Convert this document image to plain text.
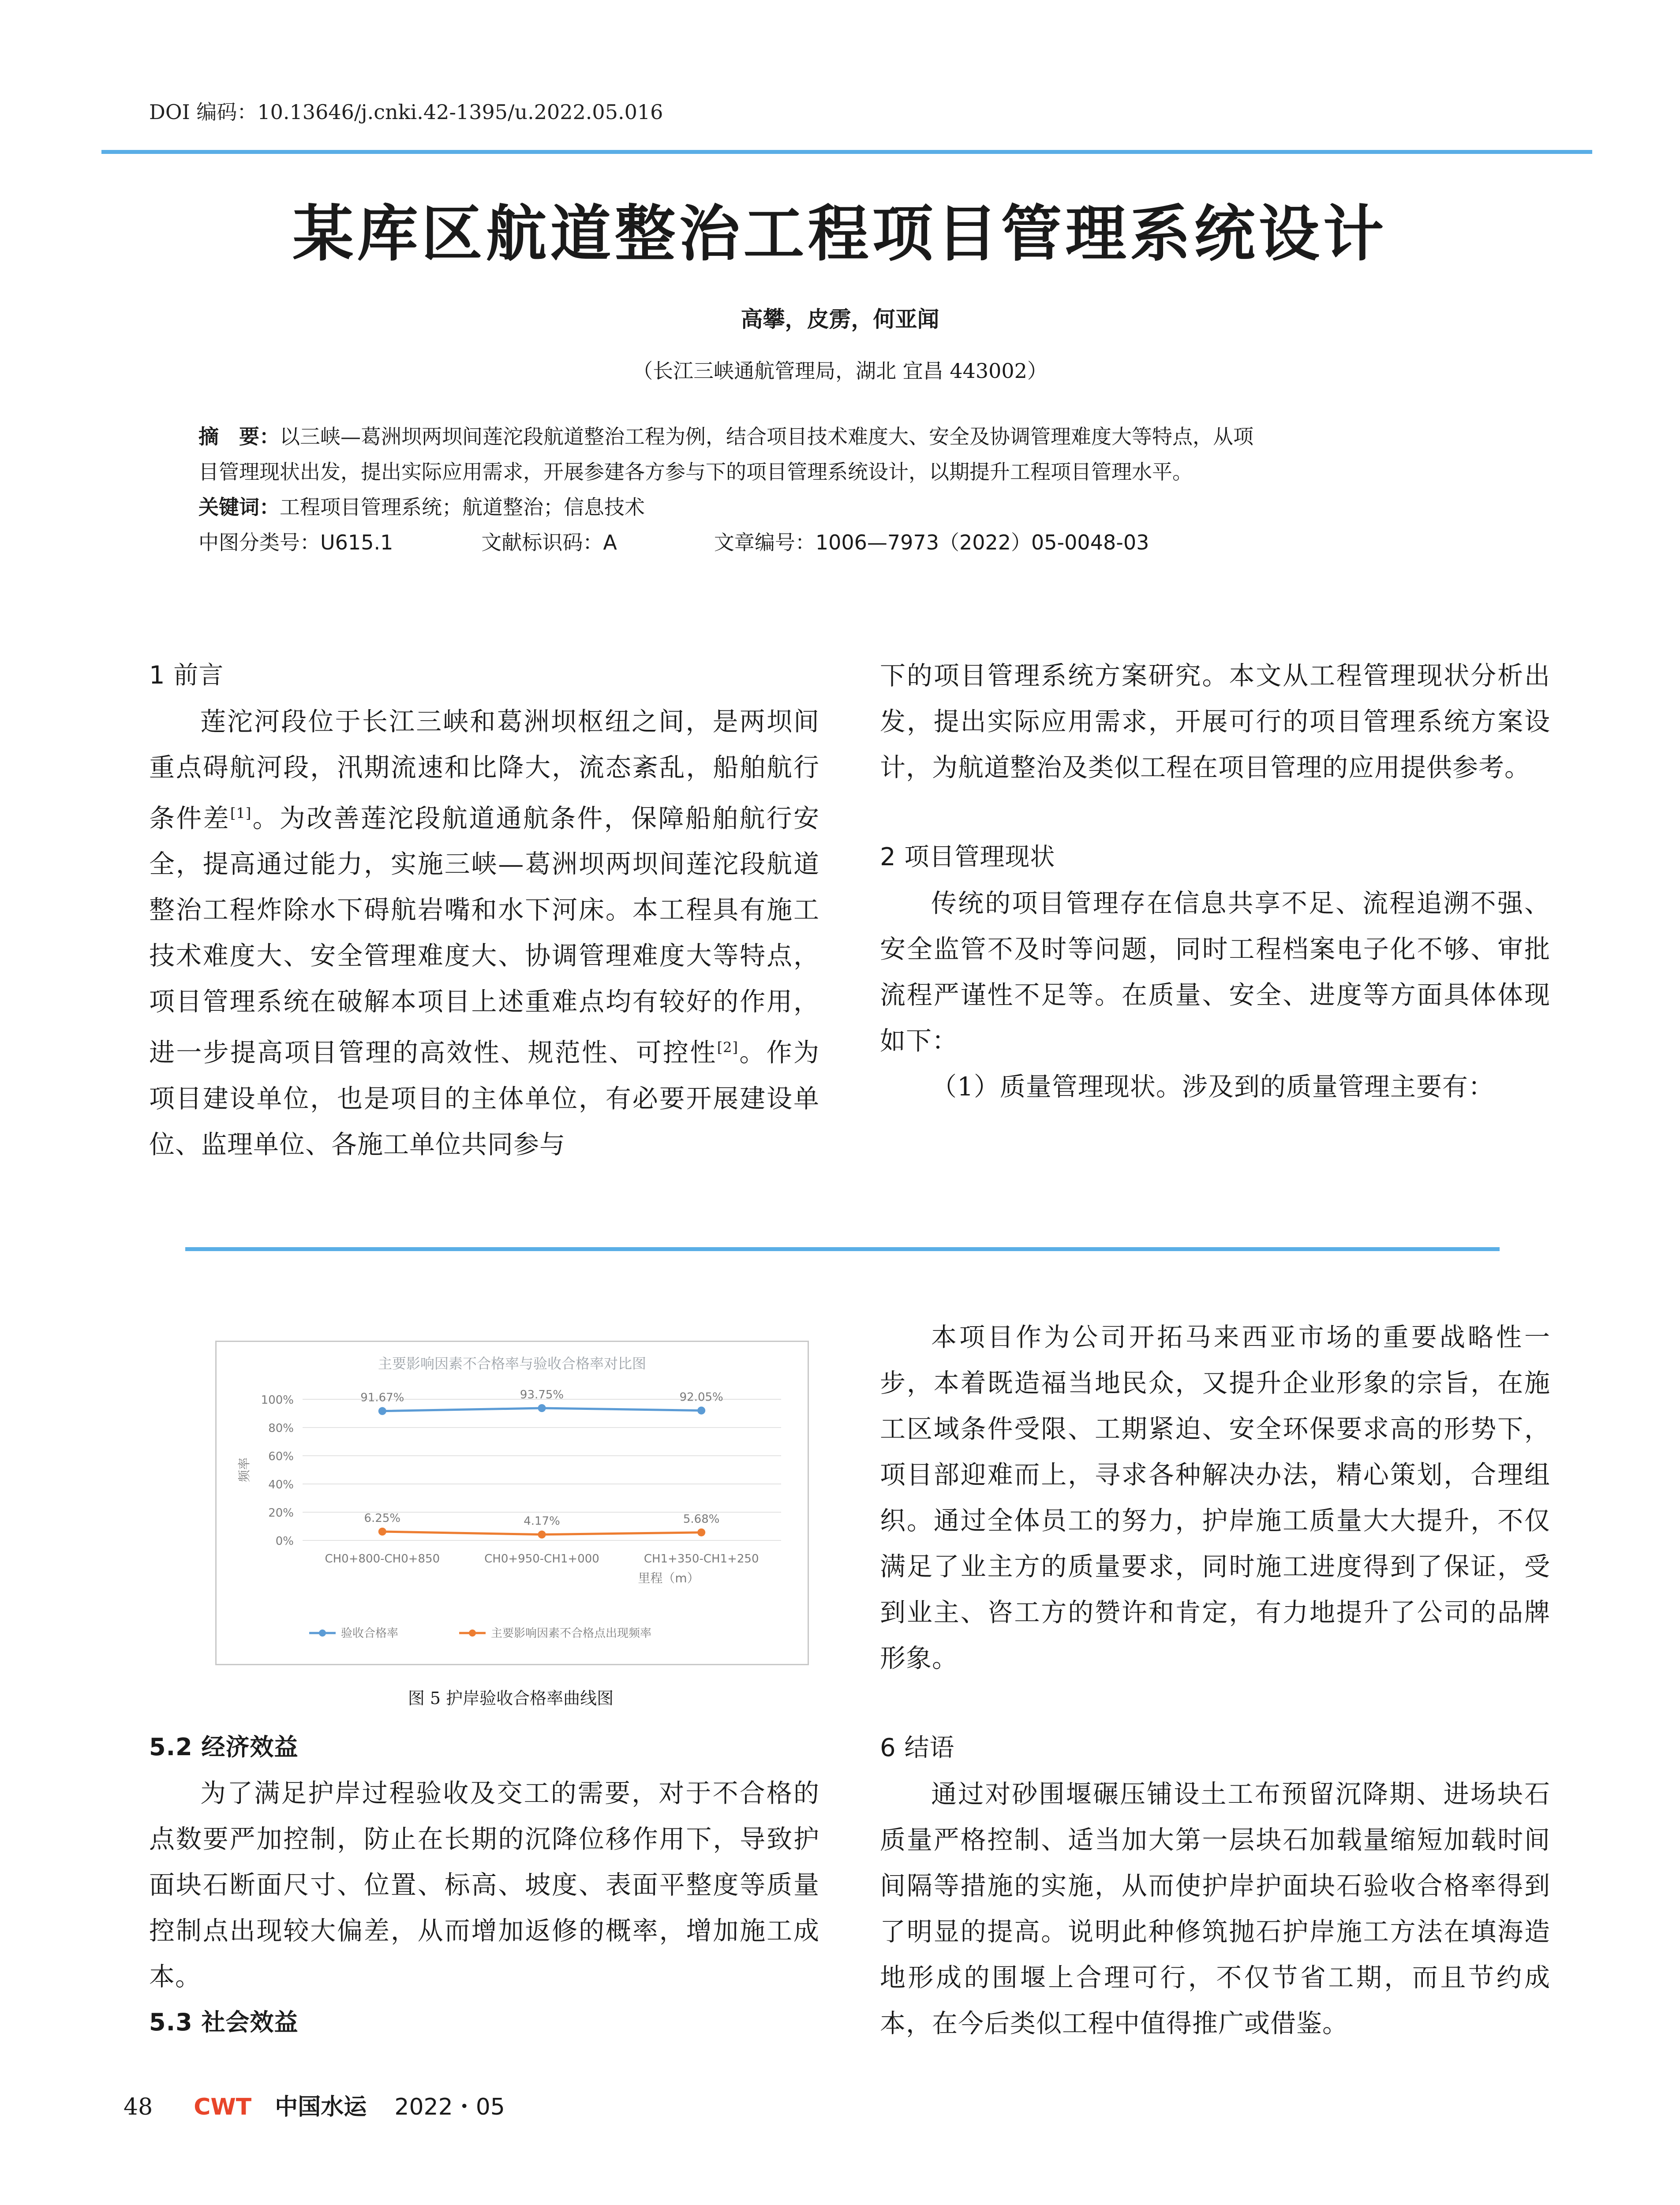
DOI 编码：10.13646/j.cnki.42-1395/u.2022.05.016
某库区航道整治工程项目管理系统设计
高攀，皮雳，何亚闻
（长江三峡通航管理局，湖北 宜昌 443002）
摘　要：以三峡—葛洲坝两坝间莲沱段航道整治工程为例，结合项目技术难度大、安全及协调管理难度大等特点，从项
目管理现状出发，提出实际应用需求，开展参建各方参与下的项目管理系统设计，以期提升工程项目管理水平。
关键词：工程项目管理系统；航道整治；信息技术
中图分类号：U615.1	文献标识码：A	文章编号：1006—7973（2022）05-0048-03
1 前言

莲沱河段位于长江三峡和葛洲坝枢纽之间，是两坝间重点碍航河段，汛期流速和比降大，流态紊乱，船舶航行条件差[1]。为改善莲沱段航道通航条件，保障船舶航行安全，提高通过能力，实施三峡—葛洲坝两坝间莲沱段航道整治工程炸除水下碍航岩嘴和水下河床。本工程具有施工技术难度大、安全管理难度大、协调管理难度大等特点，项目管理系统在破解本项目上述重难点均有较好的作用，进一步提高项目管理的高效性、规范性、可控性[2]。作为项目建设单位，也是项目的主体单位，有必要开展建设单位、监理单位、各施工单位共同参与

下的项目管理系统方案研究。本文从工程管理现状分析出发，提出实际应用需求，开展可行的项目管理系统方案设计，为航道整治及类似工程在项目管理的应用提供参考。

2 项目管理现状

传统的项目管理存在信息共享不足、流程追溯不强、安全监管不及时等问题，同时工程档案电子化不够、审批流程严谨性不足等。在质量、安全、进度等方面具体体现如下：

（1）质量管理现状。涉及到的质量管理主要有：

主要影响因素不合格率与验收合格率对比图
0%
20%
40%
60%
80%
100%
频率
CH0+800-CH0+850	CH0+950-CH1+000	CH1+350-CH1+250
里程（m）
91.67%	93.75%	92.05%
6.25%	4.17%	5.68%
验收合格率	主要影响因素不合格点出现频率
图 5 护岸验收合格率曲线图
5.2 经济效益

为了满足护岸过程验收及交工的需要，对于不合格的点数要严加控制，防止在长期的沉降位移作用下，导致护面块石断面尺寸、位置、标高、坡度、表面平整度等质量控制点出现较大偏差，从而增加返修的概率，增加施工成本。

5.3 社会效益

本项目作为公司开拓马来西亚市场的重要战略性一步，本着既造福当地民众，又提升企业形象的宗旨，在施工区域条件受限、工期紧迫、安全环保要求高的形势下，项目部迎难而上，寻求各种解决办法，精心策划，合理组织。通过全体员工的努力，护岸施工质量大大提升，不仅满足了业主方的质量要求，同时施工进度得到了保证，受到业主、咨工方的赞许和肯定，有力地提升了公司的品牌形象。

6 结语

通过对砂围堰碾压铺设土工布预留沉降期、进场块石质量严格控制、适当加大第一层块石加载量缩短加载时间间隔等措施的实施，从而使护岸护面块石验收合格率得到了明显的提高。说明此种修筑抛石护岸施工方法在填海造地形成的围堰上合理可行，不仅节省工期，而且节约成本，在今后类似工程中值得推广或借鉴。

48 CWT 中国水运 2022・05
